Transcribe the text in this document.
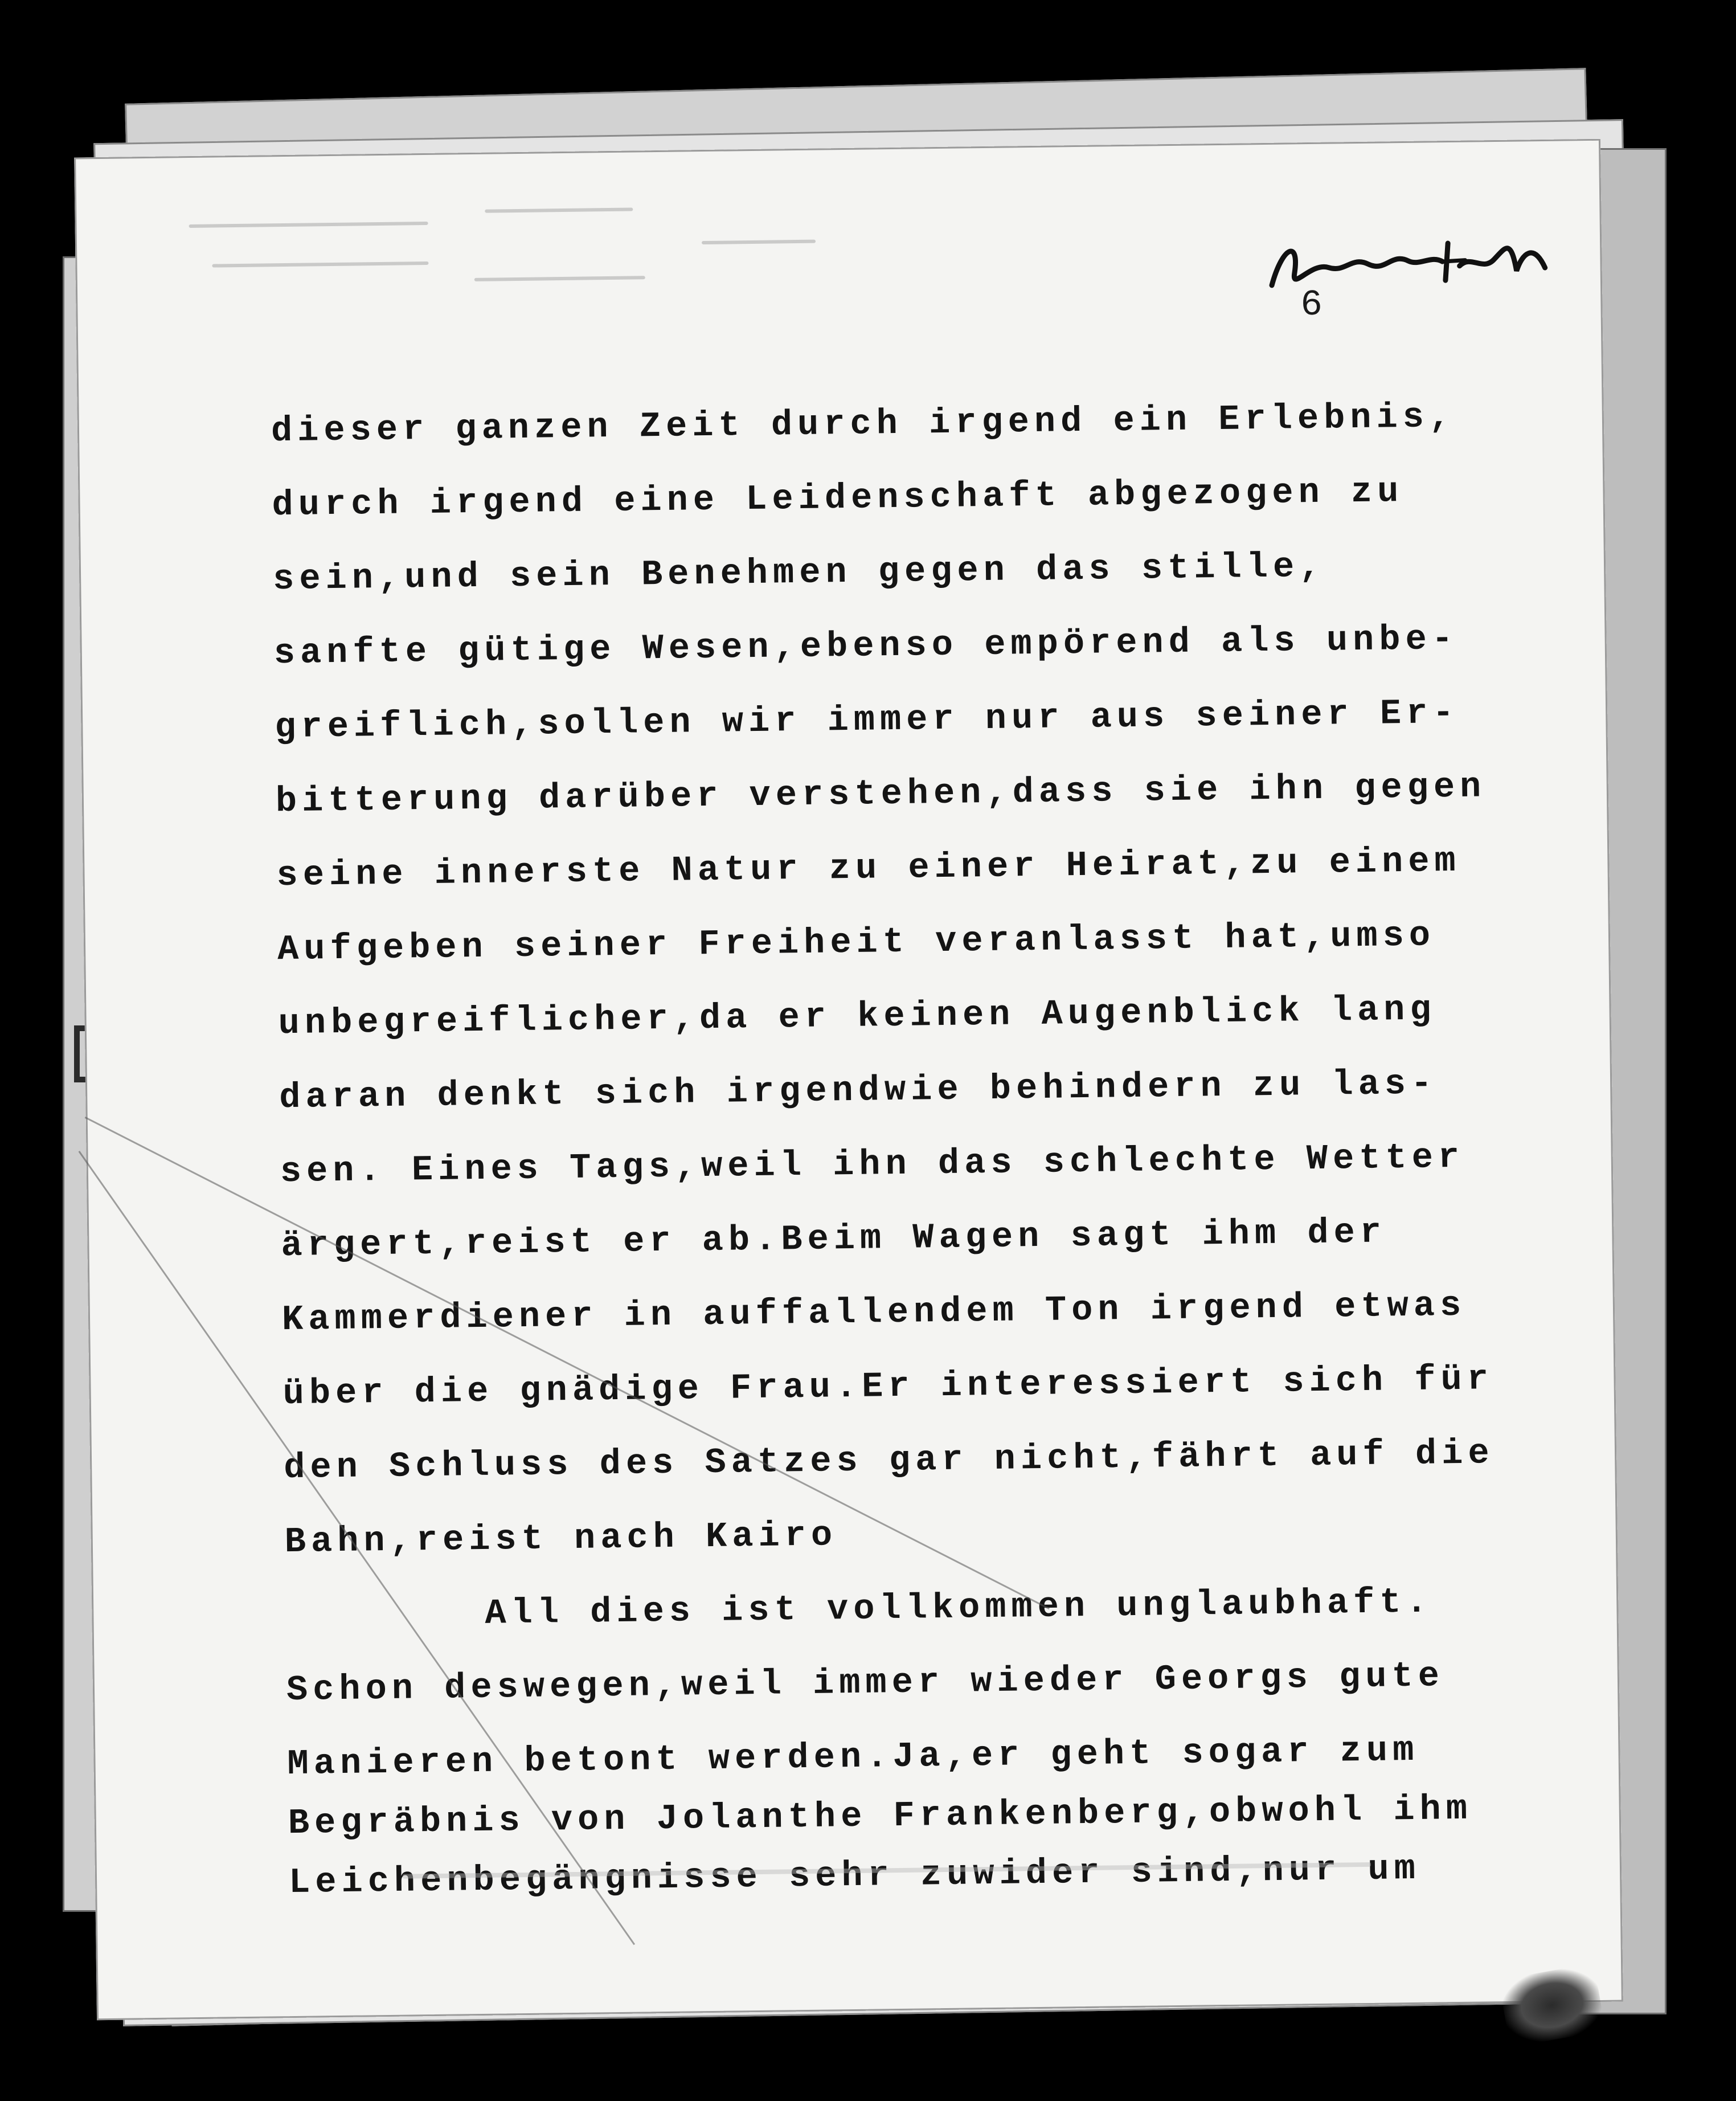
6
dieser ganzen Zeit durch irgend ein Erlebnis,
durch irgend eine Leidenschaft abgezogen zu
sein,und sein Benehmen gegen das stille,
sanfte gütige Wesen,ebenso empörend als unbe-
greiflich,sollen wir immer nur aus seiner Er-
bitterung darüber verstehen,dass sie ihn gegen
seine innerste Natur zu einer Heirat,zu einem
Aufgeben seiner Freiheit veranlasst hat,umso
unbegreiflicher,da er keinen Augenblick lang
daran denkt sich irgendwie behindern zu las-
sen. Eines Tags,weil ihn das schlechte Wetter
ärgert,reist er ab.Beim Wagen sagt ihm der
Kammerdiener in auffallendem Ton irgend etwas
über die gnädige Frau.Er interessiert sich für
den Schluss des Satzes gar nicht,fährt auf die
Bahn,reist nach Kairo
All dies ist vollkommen unglaubhaft.
Schon deswegen,weil immer wieder Georgs gute
Manieren betont werden.Ja,er geht sogar zum
Begräbnis von Jolanthe Frankenberg,obwohl ihm
Leichenbegängnisse sehr zuwider sind,nur um
